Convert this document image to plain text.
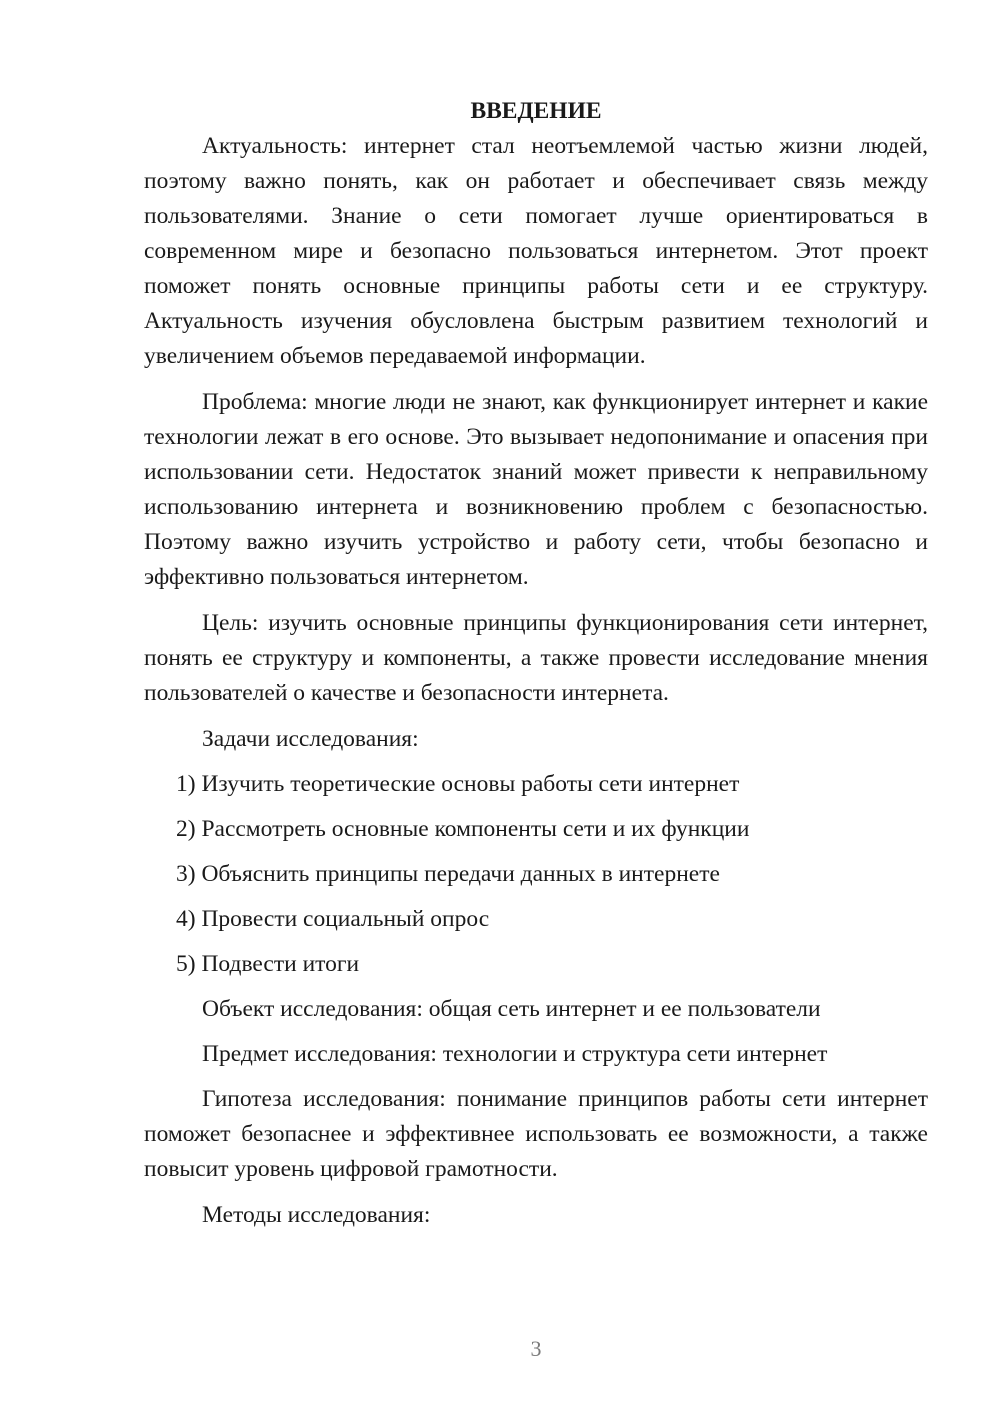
ВВЕДЕНИЕ

Актуальность: интернет стал неотъемлемой частью жизни людей, поэтому важно понять, как он работает и обеспечивает связь между пользователями. Знание о сети помогает лучше ориентироваться в современном мире и безопасно пользоваться интернетом. Этот проект поможет понять основные принципы работы сети и ее структуру. Актуальность изучения обусловлена быстрым развитием технологий и увеличением объемов передаваемой информации.

Проблема: многие люди не знают, как функционирует интернет и какие технологии лежат в его основе. Это вызывает недопонимание и опасения при использовании сети. Недостаток знаний может привести к неправильному использованию интернета и возникновению проблем с безопасностью. Поэтому важно изучить устройство и работу сети, чтобы безопасно и эффективно пользоваться интернетом.

Цель: изучить основные принципы функционирования сети интернет, понять ее структуру и компоненты, а также провести исследование мнения пользователей о качестве и безопасности интернета.

Задачи исследования:
1) Изучить теоретические основы работы сети интернет
2) Рассмотреть основные компоненты сети и их функции
3) Объяснить принципы передачи данных в интернете
4) Провести социальный опрос
5) Подвести итоги
Объект исследования: общая сеть интернет и ее пользователи
Предмет исследования: технологии и структура сети интернет

Гипотеза исследования: понимание принципов работы сети интернет поможет безопаснее и эффективнее использовать ее возможности, а также повысит уровень цифровой грамотности.

Методы исследования:
3
